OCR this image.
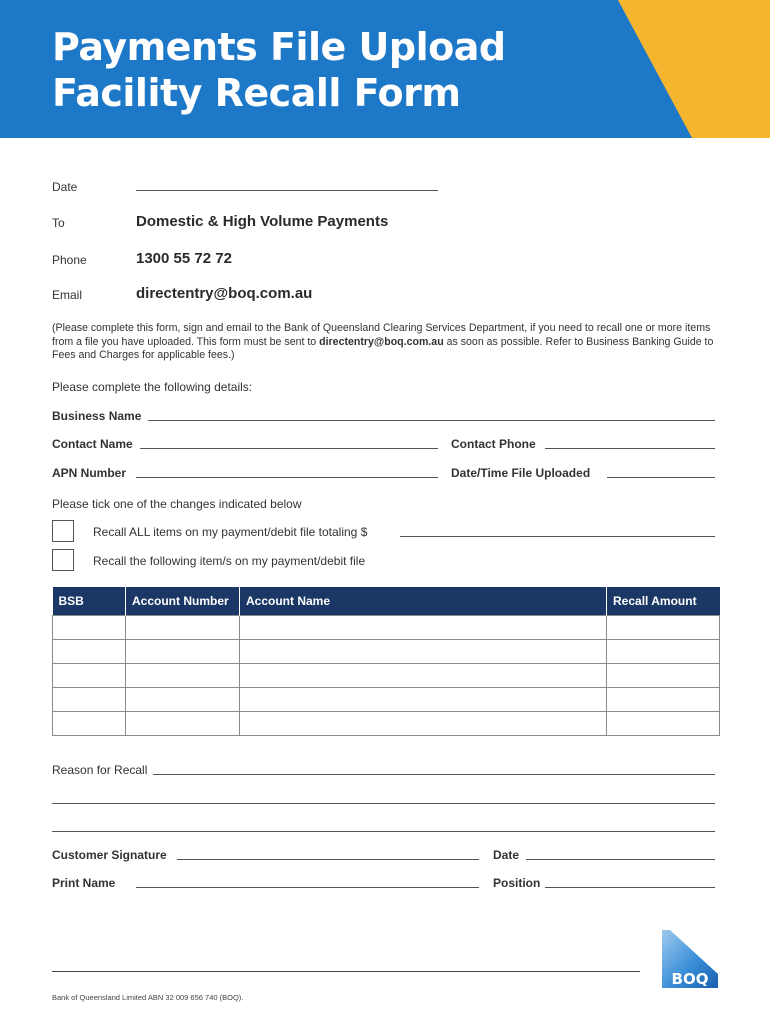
Payments File Upload
Facility Recall Form
Date
To	Domestic & High Volume Payments
Phone	1300 55 72 72
Email	directentry@boq.com.au

(Please complete this form, sign and email to the Bank of Queensland Clearing Services Department, if you need to recall one or more items from a file you have uploaded. This form must be sent to directentry@boq.com.au as soon as possible. Refer to Business Banking Guide to Fees and Charges for applicable fees.)

Please complete the following details:
Business Name
Contact Name	Contact Phone
APN Number	Date/Time File Uploaded
Please tick one of the changes indicated below
Recall ALL items on my payment/debit file totaling $
Recall the following item/s on my payment/debit file
BSB	Account Number	Account Name	Recall Amount

Reason for Recall
Customer Signature	Date
Print Name	Position
Bank of Queensland Limited ABN 32 009 656 740 (BOQ).
BOQ
